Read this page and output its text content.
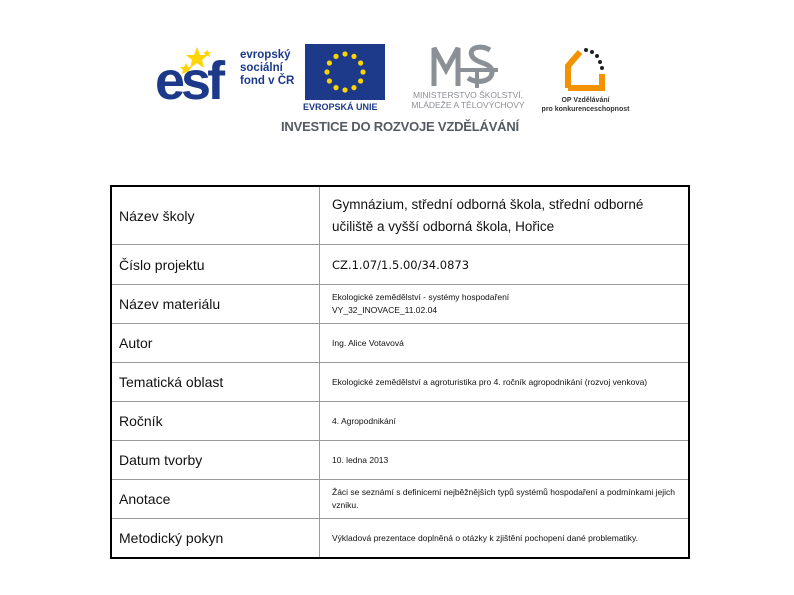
esf evropský
sociální
fond v ČR
EVROPSKÁ UNIE
MINISTERSTVO ŠKOLSTVÍ,
MLÁDEŽE A TĚLOVÝCHOVY	OP Vzdělávání
pro konkurenceschopnost
INVESTICE DO ROZVOJE VZDĚLÁVÁNÍ
Název školy	Gymnázium, střední odborná škola, střední odborné učiliště a vyšší odborná škola, Hořice
Číslo projektu	CZ.1.07/1.5.00/34.0873
Název materiálu	Ekologické zemědělství - systémy hospodaření
VY_32_INOVACE_11.02.04

Autor	Ing. Alice Votavová
Tematická oblast	Ekologické zemědělství a agroturistika pro 4. ročník agropodnikání (rozvoj venkova)
Ročník	4. Agropodnikání
Datum tvorby	10. ledna 2013
Anotace	Žáci se seznámí s definicemi nejběžnějších typů systémů hospodaření a podmínkami jejich vzniku.
Metodický pokyn	Výkladová prezentace doplněná o otázky k zjištění pochopení dané problematiky.
